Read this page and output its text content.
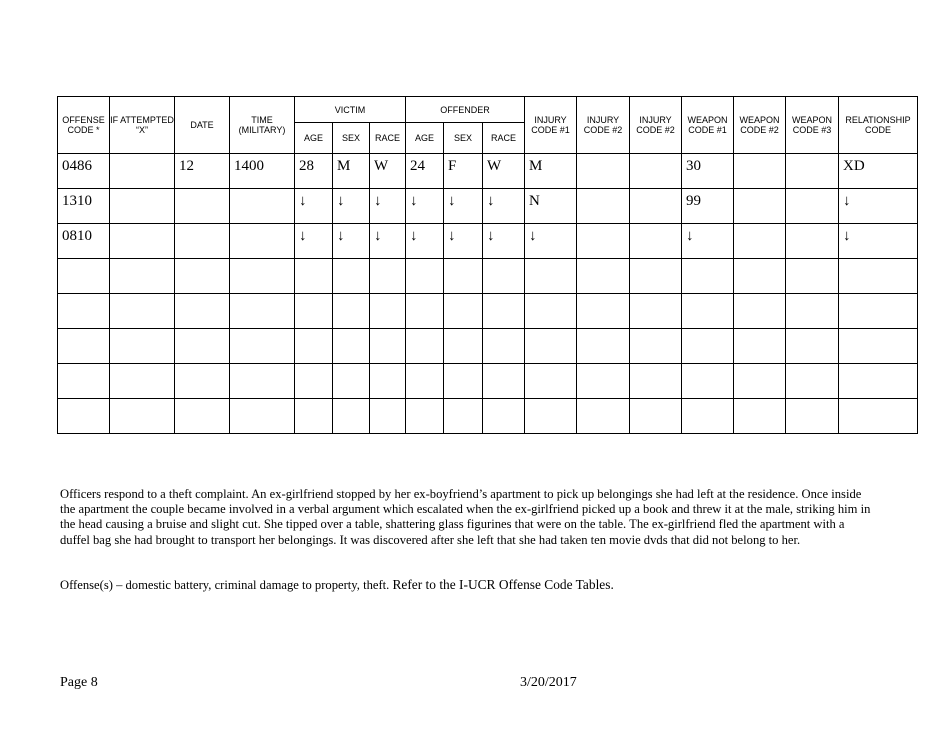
OFFENSE CODE *	IF ATTEMPTED “X”	DATE	TIME (MILITARY)	VICTIM			OFFENDER			INJURY CODE #1	INJURY CODE #2	INJURY CODE #2	WEAPON CODE #1	WEAPON CODE #2	WEAPON CODE #3	RELATIONSHIP CODE
				AGE	SEX	RACE	AGE	SEX	RACE							
0486		12	1400	28	M	W	24	F	W	M			30			XD
1310				↓	↓	↓	↓	↓	↓	N			99			↓
0810				↓	↓	↓	↓	↓	↓	↓			↓			↓

Officers respond to a theft complaint. An ex-girlfriend stopped by her ex-boyfriend’s apartment to pick up belongings she had left at the residence. Once inside the apartment the couple became involved in a verbal argument which escalated when the ex-girlfriend picked up a book and threw it at the male, striking him in the head causing a bruise and slight cut. She tipped over a table, shattering glass figurines that were on the table. The ex-girlfriend fled the apartment with a duffel bag she had brought to transport her belongings. It was discovered after she left that she had taken ten movie dvds that did not belong to her.

Offense(s) – domestic battery, criminal damage to property, theft. Refer to the I-UCR Offense Code Tables.

Page 8	3/20/2017
